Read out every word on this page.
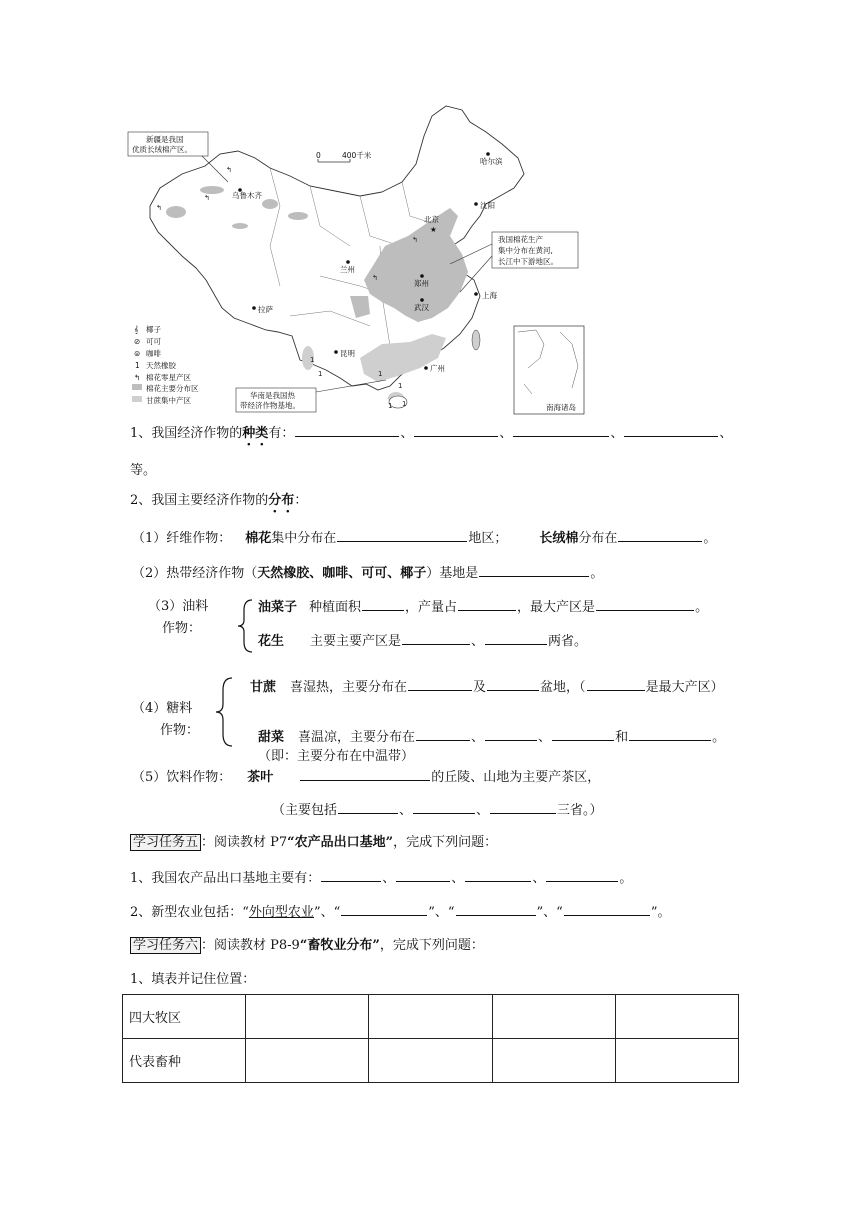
新疆是我国
优质长绒棉产区。
我国棉花生产
集中分布在黄河,
长江中下游地区。
华南是我国热
带经济作物基地。
0	400千米
哈尔滨
沈阳
北京
★
乌鲁木齐
兰州
郑州
武汉
上海
拉萨
昆明
广州
↰
↰
↰
↰
↰
1
1	1
1
1
1
椰子
𝄞
可可
⊘
咖啡
⊜
天然橡胶
1
棉花零星产区
↰
棉花主要分布区
甘蔗集中产区
南海诸岛
1、我国经济作物的种类有：	、	、	、	、
等。
2、我国主要经济作物的分布：
（1）纤维作物： 棉花集中分布在	地区； 长绒棉分布在	。
（2）热带经济作物（天然橡胶、咖啡、可可、椰子）基地是	。
（3）油料
作物：
油菜子 种植面积	，产量占	，最大产区是	。
花生 主要主要产区是	、	两省。
（4）糖料
作物：
甘蔗 喜湿热，主要分布在	及	盆地，（	是最大产区）
甜菜 喜温凉，主要分布在	、	、	和	。
（即：主要分布在中温带）
（5）饮料作物： 茶叶	的丘陵、山地为主要产茶区，
（主要包括	、	、	三省。）
学习任务五 ：阅读教材 P7“农产品出口基地”，完成下列问题：
1、我国农产品出口基地主要有：	、	、	、	。
2、新型农业包括：“外向型农业”、“	”、“	”、“	”。
学习任务六 ：阅读教材 P8-9“畜牧业分布”，完成下列问题：
1、填表并记住位置：
四大牧区				
代表畜种				
